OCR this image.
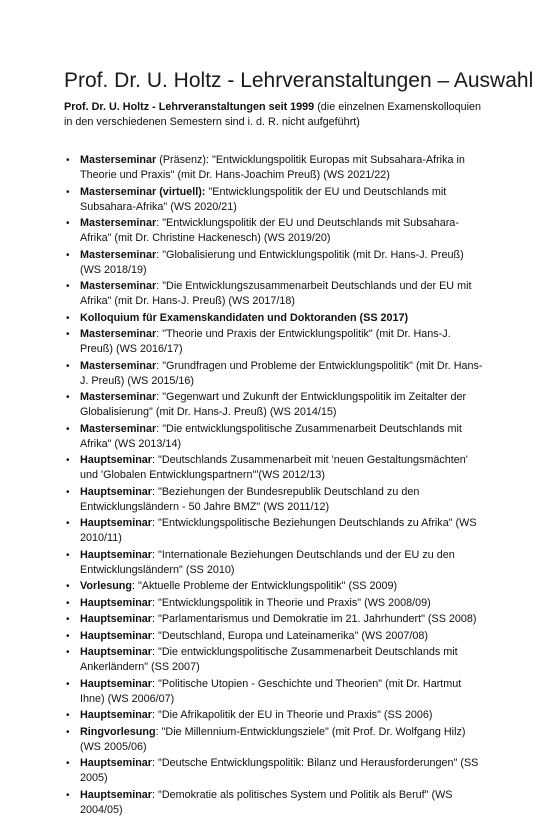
Prof. Dr. U. Holtz - Lehrveranstaltungen – Auswahl
Prof. Dr. U. Holtz - Lehrveranstaltungen seit 1999 (die einzelnen Examenskolloquien in den verschiedenen Semestern sind i. d. R. nicht aufgeführt)
• Masterseminar (Präsenz): "Entwicklungspolitik Europas mit Subsahara-Afrika in Theorie und Praxis" (mit Dr. Hans-Joachim Preuß) (WS 2021/22)
• Masterseminar (virtuell): "Entwicklungspolitik der EU und Deutschlands mit Subsahara-Afrika" (WS 2020/21)
• Masterseminar: "Entwicklungspolitik der EU und Deutschlands mit Subsahara-Afrika" (mit Dr. Christine Hackenesch) (WS 2019/20)
• Masterseminar: "Globalisierung und Entwicklungspolitik (mit Dr. Hans-J. Preuß) (WS 2018/19)
• Masterseminar: "Die Entwicklungszusammenarbeit Deutschlands und der EU mit Afrika" (mit Dr. Hans-J. Preuß) (WS 2017/18)
• Kolloquium für Examenskandidaten und Doktoranden (SS 2017)
• Masterseminar: "Theorie und Praxis der Entwicklungspolitik" (mit Dr. Hans-J. Preuß) (WS 2016/17)
• Masterseminar: "Grundfragen und Probleme der Entwicklungspolitik" (mit Dr. Hans-J. Preuß) (WS 2015/16)
• Masterseminar: "Gegenwart und Zukunft der Entwicklungspolitik im Zeitalter der Globalisierung" (mit Dr. Hans-J. Preuß) (WS 2014/15)
• Masterseminar: "Die entwicklungspolitische Zusammenarbeit Deutschlands mit Afrika" (WS 2013/14)
• Hauptseminar: "Deutschlands Zusammenarbeit mit 'neuen Gestaltungsmächten' und 'Globalen Entwicklungspartnern'"(WS 2012/13)
• Hauptseminar: "Beziehungen der Bundesrepublik Deutschland zu den Entwicklungsländern - 50 Jahre BMZ" (WS 2011/12)
• Hauptseminar: "Entwicklungspolitische Beziehungen Deutschlands zu Afrika" (WS 2010/11)
• Hauptseminar: "Internationale Beziehungen Deutschlands und der EU zu den Entwicklungsländern" (SS 2010)
• Vorlesung: "Aktuelle Probleme der Entwicklungspolitik" (SS 2009)
• Hauptseminar: "Entwicklungspolitik in Theorie und Praxis" (WS 2008/09)
• Hauptseminar: "Parlamentarismus und Demokratie im 21. Jahrhundert" (SS 2008)
• Hauptseminar: "Deutschland, Europa und Lateinamerika" (WS 2007/08)
• Hauptseminar: "Die entwicklungspolitische Zusammenarbeit Deutschlands mit Ankerländern" (SS 2007)
• Hauptseminar: "Politische Utopien - Geschichte und Theorien" (mit Dr. Hartmut Ihne) (WS 2006/07)
• Hauptseminar: "Die Afrikapolitik der EU in Theorie und Praxis" (SS 2006)
• Ringvorlesung: "Die Millennium-Entwicklungsziele" (mit Prof. Dr. Wolfgang Hilz) (WS 2005/06)
• Hauptseminar: "Deutsche Entwicklungspolitik: Bilanz und Herausforderungen" (SS 2005)
• Hauptseminar: "Demokratie als politisches System und Politik als Beruf" (WS 2004/05)
